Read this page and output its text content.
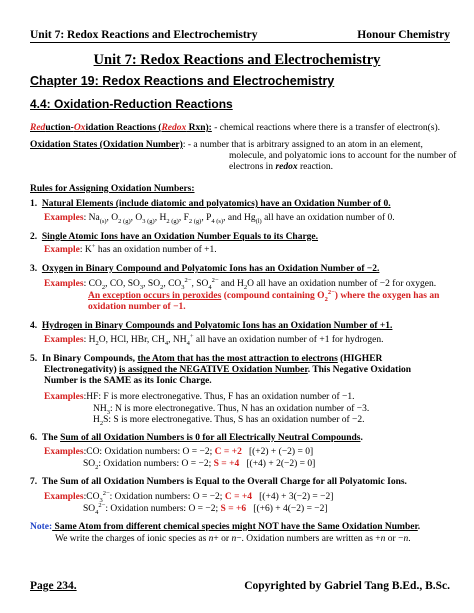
Unit 7: Redox Reactions and Electrochemistry	Honour Chemistry
Unit 7: Redox Reactions and Electrochemistry
Chapter 19: Redox Reactions and Electrochemistry
4.4: Oxidation-Reduction Reactions
Reduction-Oxidation Reactions (Redox Rxn): - chemical reactions where there is a transfer of electron(s).
Oxidation States (Oxidation Number): - a number that is arbitrary assigned to an atom in an element,
molecule, and polyatomic ions to account for the number of
electrons in redox reaction.
Rules for Assigning Oxidation Numbers:
1. Natural Elements (include diatomic and polyatomics) have an Oxidation Number of 0.
Examples: $Na_{(s)}$, $O_{2 (g)}$, $O_{3 (g)}$, $H_{2 (g)}$, $F_{2 (g)}$, $P_{4 (s)}$, and $Hg_{(l)}$ all have an oxidation number of 0.
2. Single Atomic Ions have an Oxidation Number Equals to its Charge.
Example: K+ has an oxidation number of +1.
3. Oxygen in Binary Compound and Polyatomic Ions has an Oxidation Number of −2.
Examples: $CO_2$, CO, $SO_3$, $SO_2$, $CO_3^{2-}$, $SO_4^{2-}$ and $H_2O$ all have an oxidation number of −2 for oxygen.
An exception occurs in peroxides (compound containing $O_2^{2-}$) where the oxygen has an
oxidation number of −1.
4. Hydrogen in Binary Compounds and Polyatomic Ions has an Oxidation Number of +1.
Examples: $H_2O$, HCl, HBr, $CH_4$, $NH_4^+$ all have an oxidation number of +1 for hydrogen.
5. In Binary Compounds, the Atom that has the most attraction to electrons (HIGHER
Electronegativity) is assigned the NEGATIVE Oxidation Number. This Negative Oxidation
Number is the SAME as its Ionic Charge.
Examples:HF: F is more electronegative. Thus, F has an oxidation number of −1.
$NH_3$: N is more electronegative. Thus, N has an oxidation number of −3.
$H_2S$: S is more electronegative. Thus, S has an oxidation number of −2.
6. The Sum of all Oxidation Numbers is 0 for all Electrically Neutral Compounds.
Examples:CO: Oxidation numbers: O = −2; C = +2 [(+2) + (−2) = 0]
$SO_2$: Oxidation numbers: O = −2; S = +4 [(+4) + 2(−2) = 0]
7. The Sum of all Oxidation Numbers is Equal to the Overall Charge for all Polyatomic Ions.
$Examples:CO_3^{2-}$: Oxidation numbers: O = −2; C = +4 [(+4) + 3(−2) = −2]
$SO_4^{2-}$: Oxidation numbers: O = −2; S = +6 [(+6) + 4(−2) = −2]
Note: Same Atom from different chemical species might NOT have the Same Oxidation Number.
We write the charges of ionic species as n+ or n−. Oxidation numbers are written as +n or −n.
Page 234.	Copyrighted by Gabriel Tang B.Ed., B.Sc.
